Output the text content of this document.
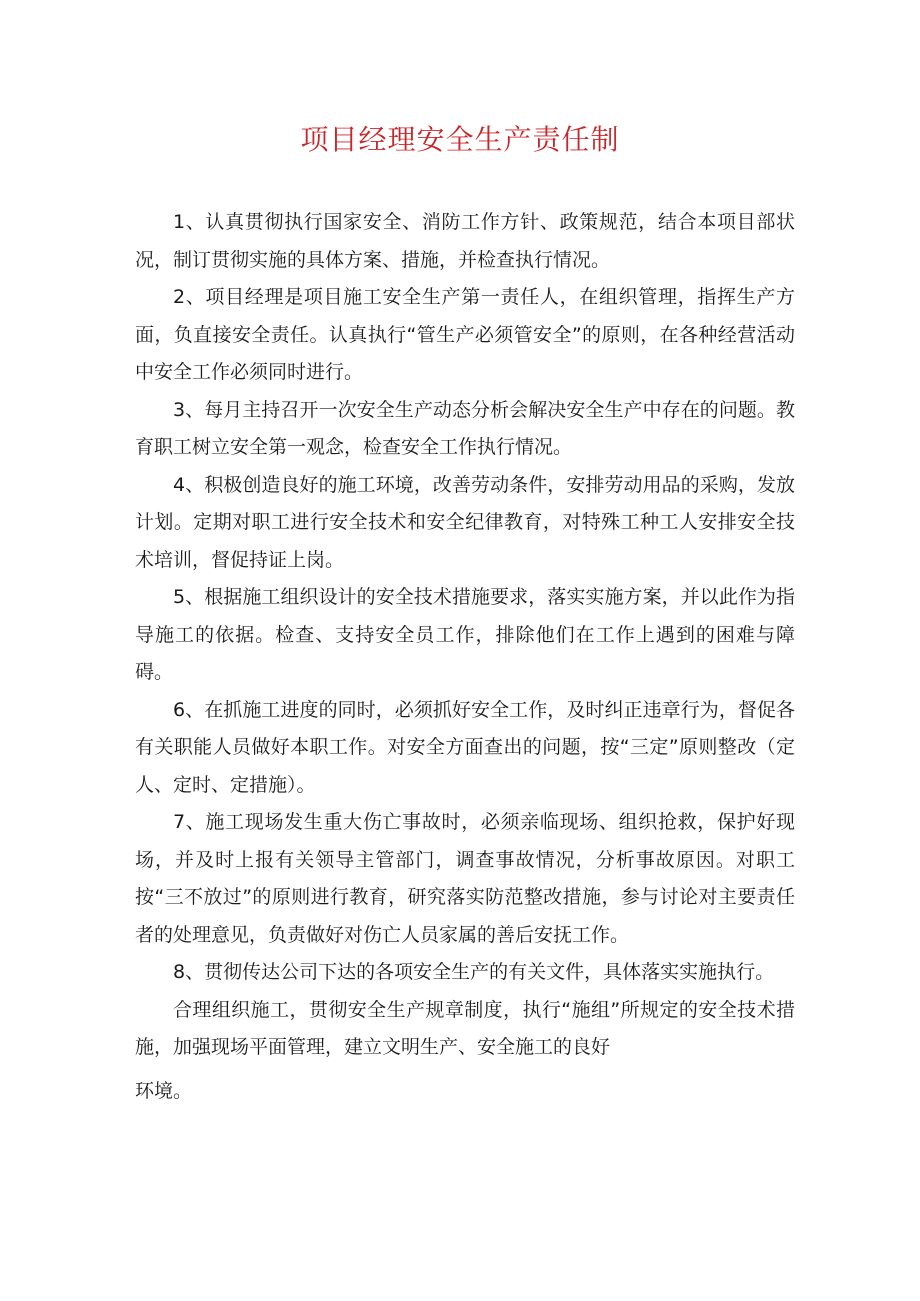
项目经理安全生产责任制

1、认真贯彻执行国家安全、消防工作方针、政策规范，结合本项目部状况，制订贯彻实施的具体方案、措施，并检查执行情况。

2、项目经理是项目施工安全生产第一责任人，在组织管理，指挥生产方面，负直接安全责任。认真执行“管生产必须管安全”的原则，在各种经营活动中安全工作必须同时进行。

3、每月主持召开一次安全生产动态分析会解决安全生产中存在的问题。教育职工树立安全第一观念，检查安全工作执行情况。

4、积极创造良好的施工环境，改善劳动条件，安排劳动用品的采购，发放计划。定期对职工进行安全技术和安全纪律教育，对特殊工种工人安排安全技术培训，督促持证上岗。

5、根据施工组织设计的安全技术措施要求，落实实施方案，并以此作为指导施工的依据。检查、支持安全员工作，排除他们在工作上遇到的困难与障碍。

6、在抓施工进度的同时，必须抓好安全工作，及时纠正违章行为，督促各有关职能人员做好本职工作。对安全方面查出的问题，按“三定”原则整改（定人、定时、定措施）。

7、施工现场发生重大伤亡事故时，必须亲临现场、组织抢救，保护好现场，并及时上报有关领导主管部门，调查事故情况，分析事故原因。对职工按“三不放过”的原则进行教育，研究落实防范整改措施，参与讨论对主要责任者的处理意见，负责做好对伤亡人员家属的善后安抚工作。

8、贯彻传达公司下达的各项安全生产的有关文件，具体落实实施执行。

合理组织施工，贯彻安全生产规章制度，执行“施组”所规定的安全技术措施，加强现场平面管理，建立文明生产、安全施工的良好

环境。
